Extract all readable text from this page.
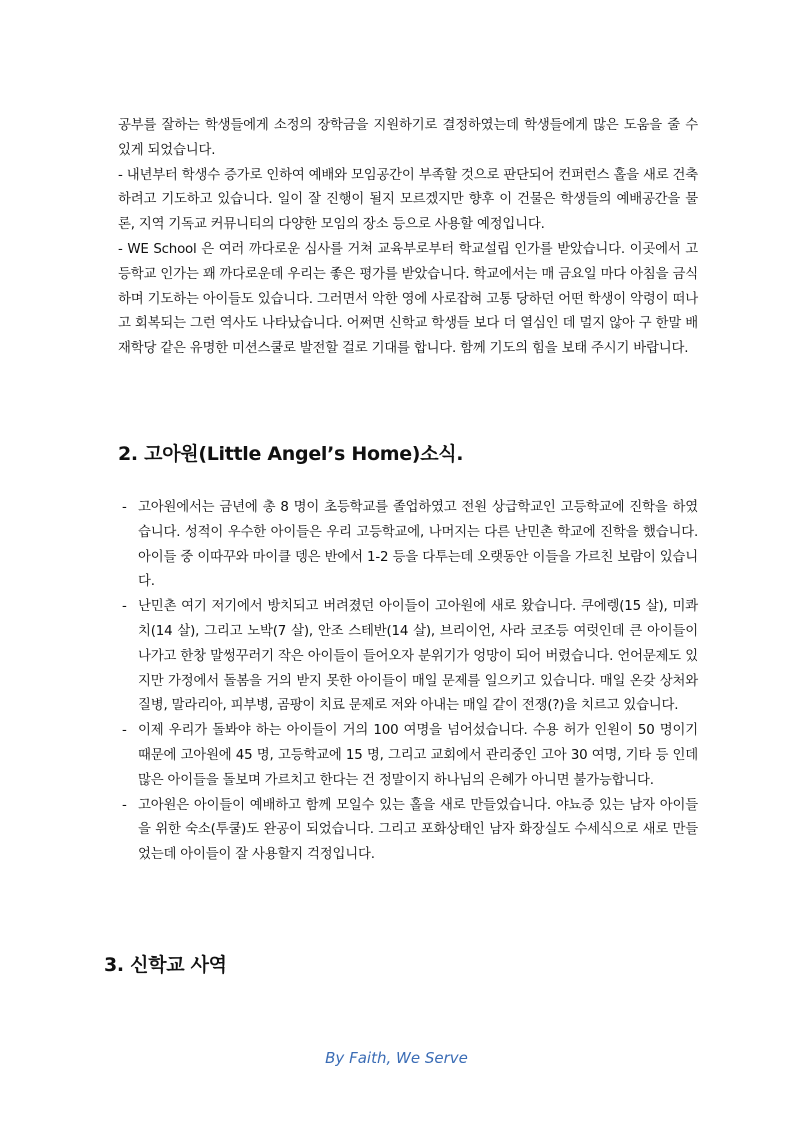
공부를 잘하는 학생들에게 소정의 장학금을 지원하기로 결정하였는데 학생들에게 많은 도움을 줄 수 있게 되었습니다.

- 내년부터 학생수 증가로 인하여 예배와 모임공간이 부족할 것으로 판단되어 컨퍼런스 홀을 새로 건축하려고 기도하고 있습니다. 일이 잘 진행이 될지 모르겠지만 향후 이 건물은 학생들의 예배공간을 물론, 지역 기독교 커뮤니티의 다양한 모임의 장소 등으로 사용할 예정입니다.

- WE School 은 여러 까다로운 심사를 거쳐 교육부로부터 학교설립 인가를 받았습니다. 이곳에서 고등학교 인가는 꽤 까다로운데 우리는 좋은 평가를 받았습니다. 학교에서는 매 금요일 마다 아침을 금식하며 기도하는 아이들도 있습니다. 그러면서 악한 영에 사로잡혀 고통 당하던 어떤 학생이 악령이 떠나고 회복되는 그런 역사도 나타났습니다. 어쩌면 신학교 학생들 보다 더 열심인 데 멀지 않아 구 한말 배재학당 같은 유명한 미션스쿨로 발전할 걸로 기대를 합니다. 함께 기도의 힘을 보태 주시기 바랍니다.

2. 고아원(Little Angel’s Home)소식.
- 고아원에서는 금년에 총 8 명이 초등학교를 졸업하였고 전원 상급학교인 고등학교에 진학을 하였습니다. 성적이 우수한 아이들은 우리 고등학교에, 나머지는 다른 난민촌 학교에 진학을 했습니다. 아이들 중 이따꾸와 마이클 뎅은 반에서 1-2 등을 다투는데 오랫동안 이들을 가르친 보람이 있습니다.
- 난민촌 여기 저기에서 방치되고 버려졌던 아이들이 고아원에 새로 왔습니다. 쿠에렝(15 살), 미콰치(14 살), 그리고 노박(7 살), 안조 스테반(14 살), 브리이언, 사라 코조등 여럿인데 큰 아이들이 나가고 한창 말썽꾸러기 작은 아이들이 들어오자 분위기가 엉망이 되어 버렸습니다. 언어문제도 있지만 가정에서 돌봄을 거의 받지 못한 아이들이 매일 문제를 일으키고 있습니다. 매일 온갖 상처와 질병, 말라리아, 피부병, 곰팡이 치료 문제로 저와 아내는 매일 같이 전쟁(?)을 치르고 있습니다.
- 이제 우리가 돌봐야 하는 아이들이 거의 100 여명을 넘어섰습니다. 수용 허가 인원이 50 명이기 때문에 고아원에 45 명, 고등학교에 15 명, 그리고 교회에서 관리중인 고아 30 여명, 기타 등 인데 많은 아이들을 돌보며 가르치고 한다는 건 정말이지 하나님의 은혜가 아니면 불가능합니다.
- 고아원은 아이들이 예배하고 함께 모일수 있는 홀을 새로 만들었습니다. 야뇨증 있는 남자 아이들을 위한 숙소(투쿨)도 완공이 되었습니다. 그리고 포화상태인 남자 화장실도 수세식으로 새로 만들었는데 아이들이 잘 사용할지 걱정입니다.
3. 신학교 사역
By Faith, We Serve
